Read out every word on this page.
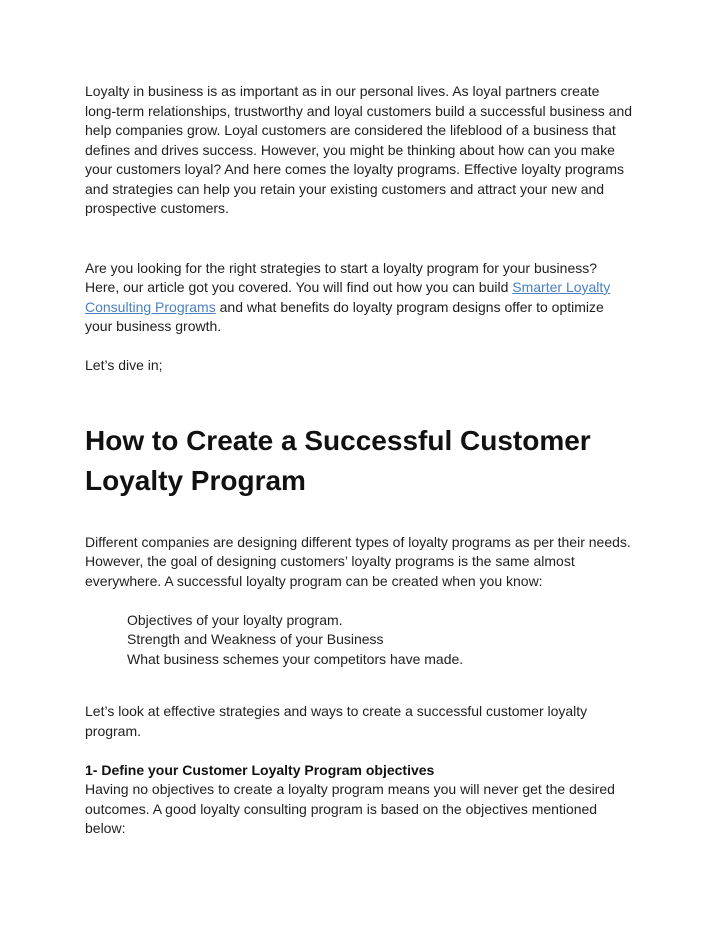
Loyalty in business is as important as in our personal lives. As loyal partners create long-term relationships, trustworthy and loyal customers build a successful business and help companies grow. Loyal customers are considered the lifeblood of a business that defines and drives success. However, you might be thinking about how can you make your customers loyal? And here comes the loyalty programs. Effective loyalty programs and strategies can help you retain your existing customers and attract your new and prospective customers.

Are you looking for the right strategies to start a loyalty program for your business? Here, our article got you covered. You will find out how you can build Smarter Loyalty Consulting Programs and what benefits do loyalty program designs offer to optimize your business growth.

Let’s dive in;

How to Create a Successful Customer Loyalty Program

Different companies are designing different types of loyalty programs as per their needs. However, the goal of designing customers’ loyalty programs is the same almost everywhere. A successful loyalty program can be created when you know:

Objectives of your loyalty program.
Strength and Weakness of your Business
What business schemes your competitors have made.

Let’s look at effective strategies and ways to create a successful customer loyalty program.

1- Define your Customer Loyalty Program objectives

Having no objectives to create a loyalty program means you will never get the desired outcomes. A good loyalty consulting program is based on the objectives mentioned below:
